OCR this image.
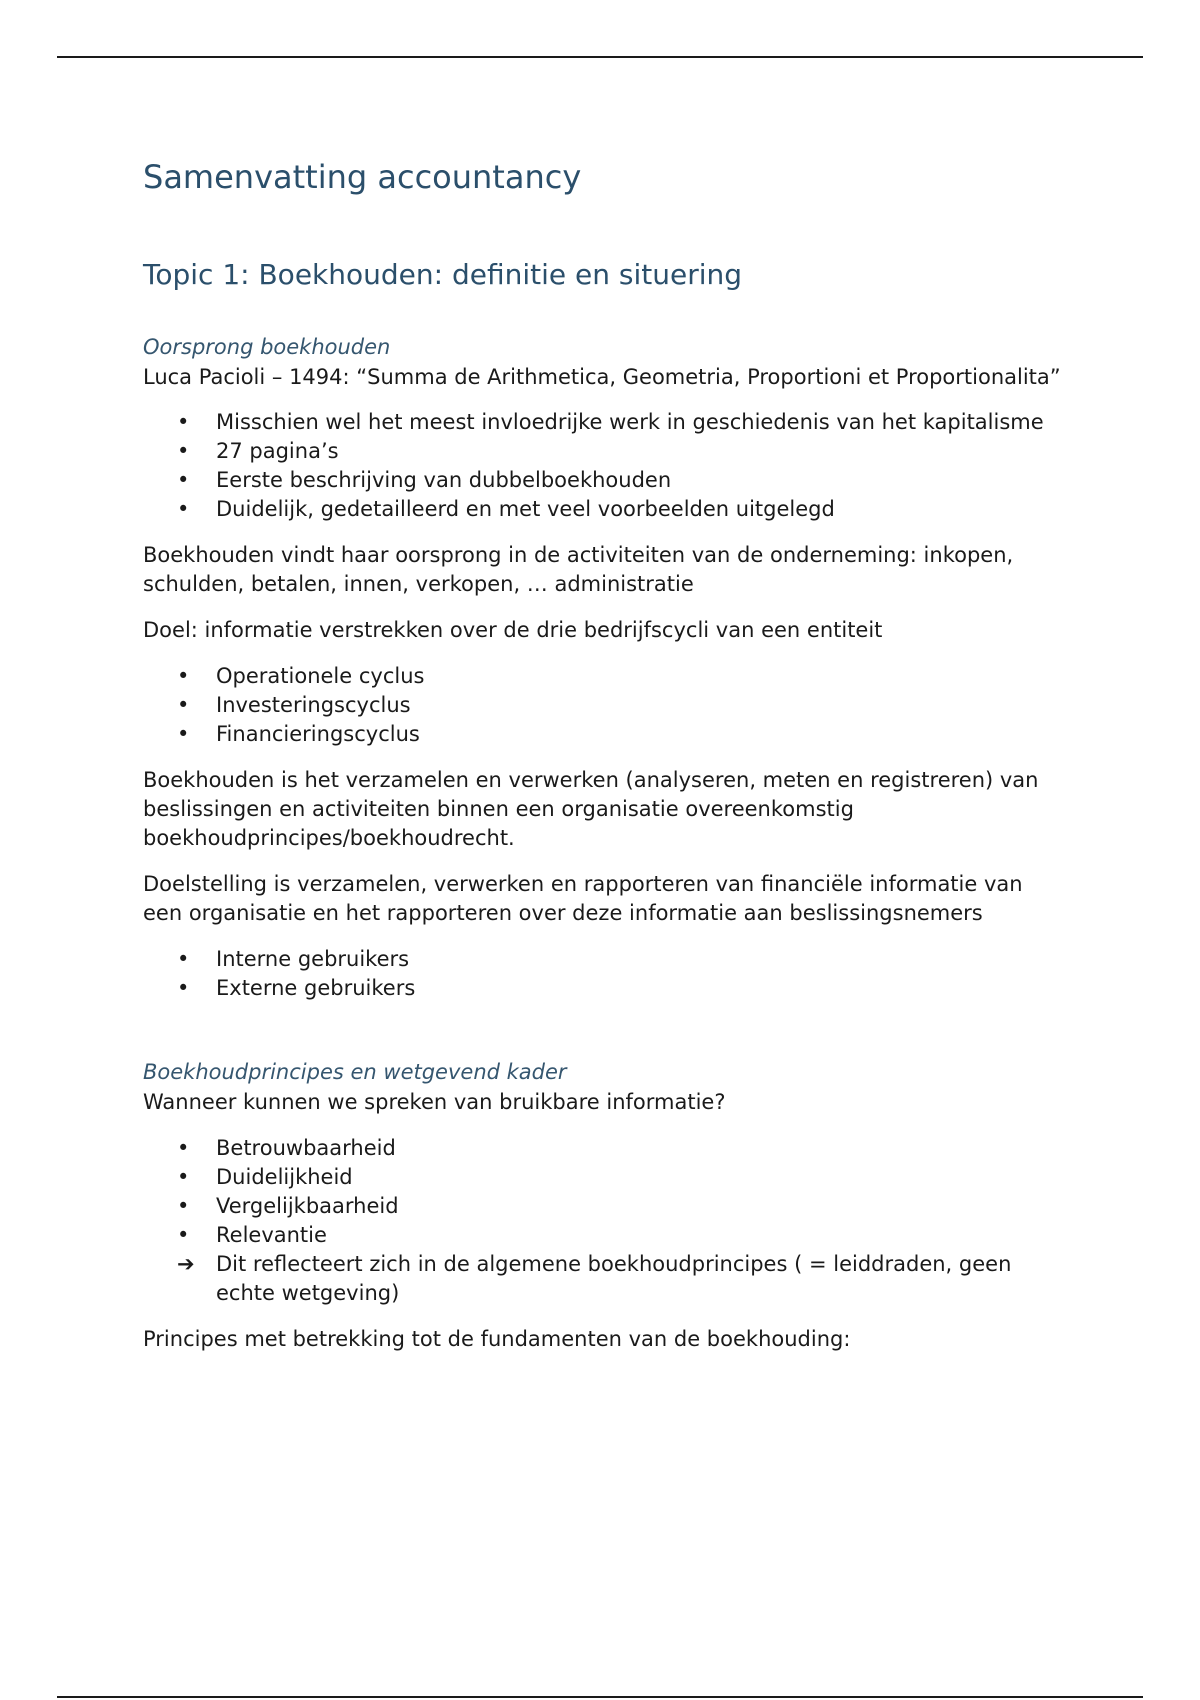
Samenvatting accountancy
Topic 1: Boekhouden: definitie en situering
Oorsprong boekhouden

Luca Pacioli – 1494: “Summa de Arithmetica, Geometria, Proportioni et Proportionalita”

•	Misschien wel het meest invloedrijke werk in geschiedenis van het kapitalisme
•	27 pagina’s
•	Eerste beschrijving van dubbelboekhouden
•	Duidelijk, gedetailleerd en met veel voorbeelden uitgelegd

Boekhouden vindt haar oorsprong in de activiteiten van de onderneming: inkopen, schulden, betalen, innen, verkopen, … administratie

Doel: informatie verstrekken over de drie bedrijfscycli van een entiteit

•	Operationele cyclus
•	Investeringscyclus
•	Financieringscyclus

Boekhouden is het verzamelen en verwerken (analyseren, meten en registreren) van beslissingen en activiteiten binnen een organisatie overeenkomstig boekhoudprincipes/boekhoudrecht.

Doelstelling is verzamelen, verwerken en rapporteren van financiële informatie van een organisatie en het rapporteren over deze informatie aan beslissingsnemers

•	Interne gebruikers
•	Externe gebruikers
Boekhoudprincipes en wetgevend kader

Wanneer kunnen we spreken van bruikbare informatie?

•	Betrouwbaarheid
•	Duidelijkheid
•	Vergelijkbaarheid
•	Relevantie
➔	Dit reflecteert zich in de algemene boekhoudprincipes ( = leiddraden, geen echte wetgeving)

Principes met betrekking tot de fundamenten van de boekhouding:
